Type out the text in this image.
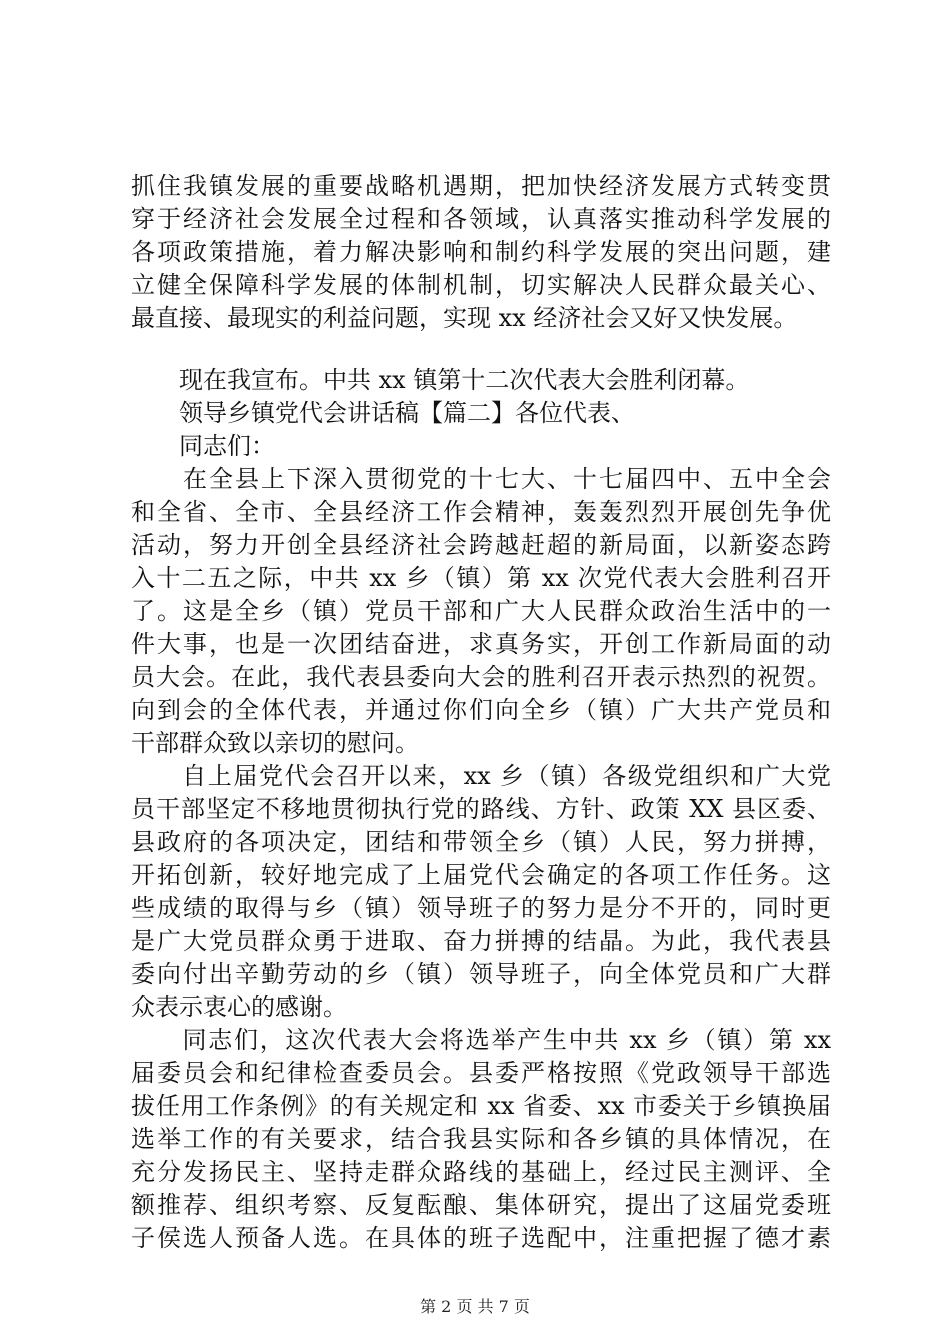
抓住我镇发展的重要战略机遇期，把加快经济发展方式转变贯
穿于经济社会发展全过程和各领域，认真落实推动科学发展的
各项政策措施，着力解决影响和制约科学发展的突出问题，建
立健全保障科学发展的体制机制，切实解决人民群众最关心、
最直接、最现实的利益问题，实现 xx 经济社会又好又快发展。
　　现在我宣布。中共 xx 镇第十二次代表大会胜利闭幕。
　　领导乡镇党代会讲话稿【篇二】各位代表、
　　同志们：
　　在全县上下深入贯彻党的十七大、十七届四中、五中全会
和全省、全市、全县经济工作会精神，轰轰烈烈开展创先争优
活动，努力开创全县经济社会跨越赶超的新局面，以新姿态跨
入十二五之际，中共 xx 乡（镇）第 xx 次党代表大会胜利召开
了。这是全乡（镇）党员干部和广大人民群众政治生活中的一
件大事，也是一次团结奋进，求真务实，开创工作新局面的动
员大会。在此，我代表县委向大会的胜利召开表示热烈的祝贺。
向到会的全体代表，并通过你们向全乡（镇）广大共产党员和
干部群众致以亲切的慰问。
　　自上届党代会召开以来，xx 乡（镇）各级党组织和广大党
员干部坚定不移地贯彻执行党的路线、方针、政策 XX 县区委、
县政府的各项决定，团结和带领全乡（镇）人民，努力拼搏，
开拓创新，较好地完成了上届党代会确定的各项工作任务。这
些成绩的取得与乡（镇）领导班子的努力是分不开的，同时更
是广大党员群众勇于进取、奋力拼搏的结晶。为此，我代表县
委向付出辛勤劳动的乡（镇）领导班子，向全体党员和广大群
众表示衷心的感谢。
　　同志们，这次代表大会将选举产生中共 xx 乡（镇）第 xx
届委员会和纪律检查委员会。县委严格按照《党政领导干部选
拔任用工作条例》的有关规定和 xx 省委、xx 市委关于乡镇换届
选举工作的有关要求，结合我县实际和各乡镇的具体情况，在
充分发扬民主、坚持走群众路线的基础上，经过民主测评、全
额推荐、组织考察、反复酝酿、集体研究，提出了这届党委班
子侯选人预备人选。在具体的班子选配中，注重把握了德才素
第 2 页 共 7 页
